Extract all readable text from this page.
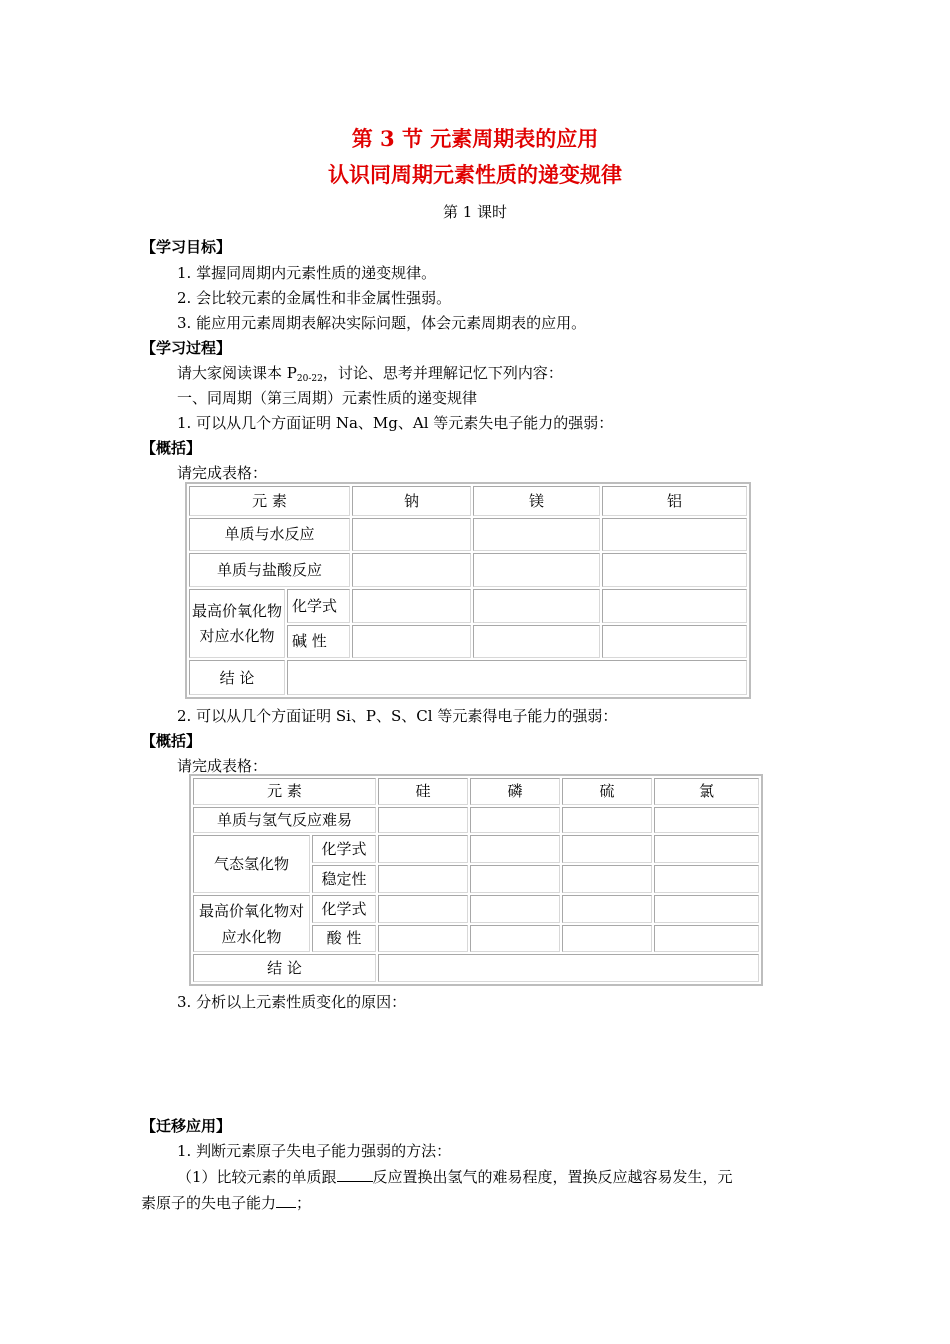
第 3 节 元素周期表的应用
认识同周期元素性质的递变规律
第 1 课时
【学习目标】
1. 掌握同周期内元素性质的递变规律。
2. 会比较元素的金属性和非金属性强弱。
3. 能应用元素周期表解决实际问题，体会元素周期表的应用。
【学习过程】
请大家阅读课本 $P_{20-22}$，讨论、思考并理解记忆下列内容：
一、同周期（第三周期）元素性质的递变规律
1. 可以从几个方面证明 Na、Mg、Al 等元素失电子能力的强弱：
【概括】
请完成表格：
元 素		钠	镁	铝
单质与水反应				
单质与盐酸反应				
最高价氧化物
对应水化物	化学式			
	碱 性			
结 论				
2. 可以从几个方面证明 Si、P、S、Cl 等元素得电子能力的强弱：
【概括】
请完成表格：
元 素		硅	磷	硫	氯
单质与氢气反应难易					
气态氢化物	化学式				
	稳定性				
最高价氧化物对
应水化物	化学式				
	酸 性				
结 论					
3. 分析以上元素性质变化的原因：
【迁移应用】
1. 判断元素原子失电子能力强弱的方法：
（1）比较元素的单质跟 反应置换出氢气的难易程度，置换反应越容易发生，元
素原子的失电子能力 ；
